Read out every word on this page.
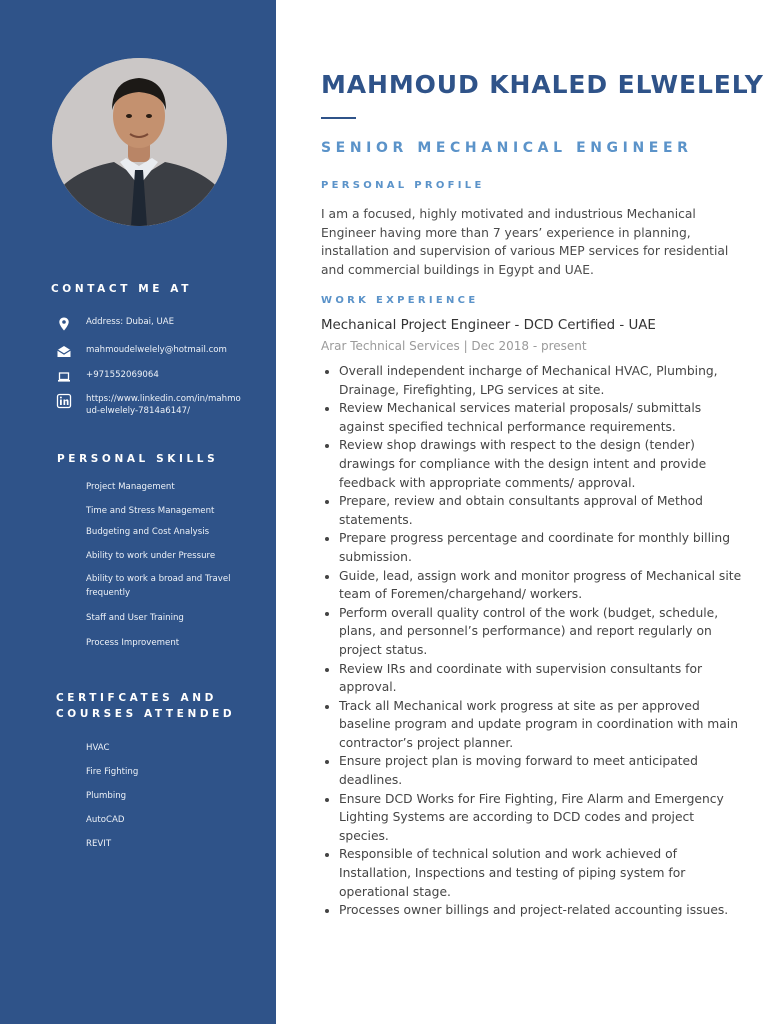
CONTACT ME AT
Address: Dubai, UAE
mahmoudelwelely@hotmail.com
+971552069064
https://www.linkedin.com/in/mahmoud-elwelely-7814a6147/
PERSONAL SKILLS
Project Management
Time and Stress Management
Budgeting and Cost Analysis
Ability to work under Pressure
Ability to work a broad and Travel frequently
Staff and User Training
Process Improvement
CERTIFCATES AND
COURSES ATTENDED
HVAC
Fire Fighting
Plumbing
AutoCAD
REVIT
MAHMOUD KHALED ELWELELY
SENIOR MECHANICAL ENGINEER
PERSONAL PROFILE

I am a focused, highly motivated and industrious Mechanical Engineer having more than 7 years’ experience in planning, installation and supervision of various MEP services for residential and commercial buildings in Egypt and UAE.

WORK EXPERIENCE

Mechanical Project Engineer - DCD Certified - UAE

Arar Technical Services | Dec 2018 - present

• Overall independent incharge of Mechanical HVAC, Plumbing, Drainage, Firefighting, LPG services at site.
• Review Mechanical services material proposals/ submittals against specified technical performance requirements.
• Review shop drawings with respect to the design (tender) drawings for compliance with the design intent and provide feedback with appropriate comments/ approval.
• Prepare, review and obtain consultants approval of Method statements.
• Prepare progress percentage and coordinate for monthly billing submission.
• Guide, lead, assign work and monitor progress of Mechanical site team of Foremen/chargehand/ workers.
• Perform overall quality control of the work (budget, schedule, plans, and personnel’s performance) and report regularly on project status.
• Review IRs and coordinate with supervision consultants for approval.
• Track all Mechanical work progress at site as per approved baseline program and update program in coordination with main contractor’s project planner.
• Ensure project plan is moving forward to meet anticipated deadlines.
• Ensure DCD Works for Fire Fighting, Fire Alarm and Emergency Lighting Systems are according to DCD codes and project species.
• Responsible of technical solution and work achieved of Installation, Inspections and testing of piping system for operational stage.
• Processes owner billings and project-related accounting issues.
